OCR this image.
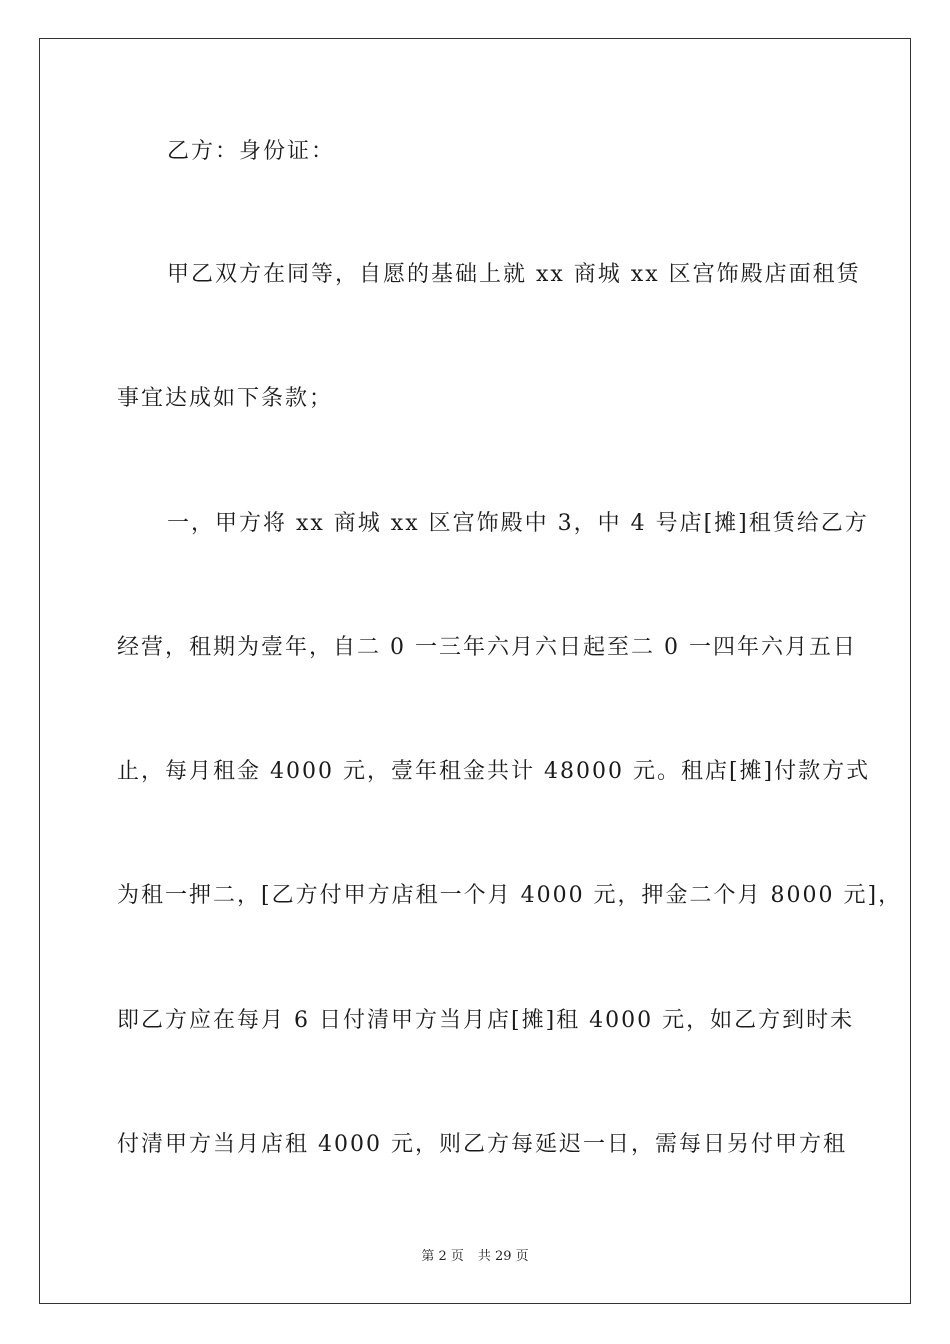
乙方：身份证：
甲乙双方在同等，自愿的基础上就 xx 商城 xx 区宫饰殿店面租赁
事宜达成如下条款；
一，甲方将 xx 商城 xx 区宫饰殿中 3，中 4 号店[摊]租赁给乙方
经营，租期为壹年，自二 0 一三年六月六日起至二 0 一四年六月五日
止，每月租金 4000 元，壹年租金共计 48000 元。租店[摊]付款方式
为租一押二，[乙方付甲方店租一个月 4000 元，押金二个月 8000 元]，
即乙方应在每月 6 日付清甲方当月店[摊]租 4000 元，如乙方到时未
付清甲方当月店租 4000 元，则乙方每延迟一日，需每日另付甲方租
第 2 页 共 29 页
